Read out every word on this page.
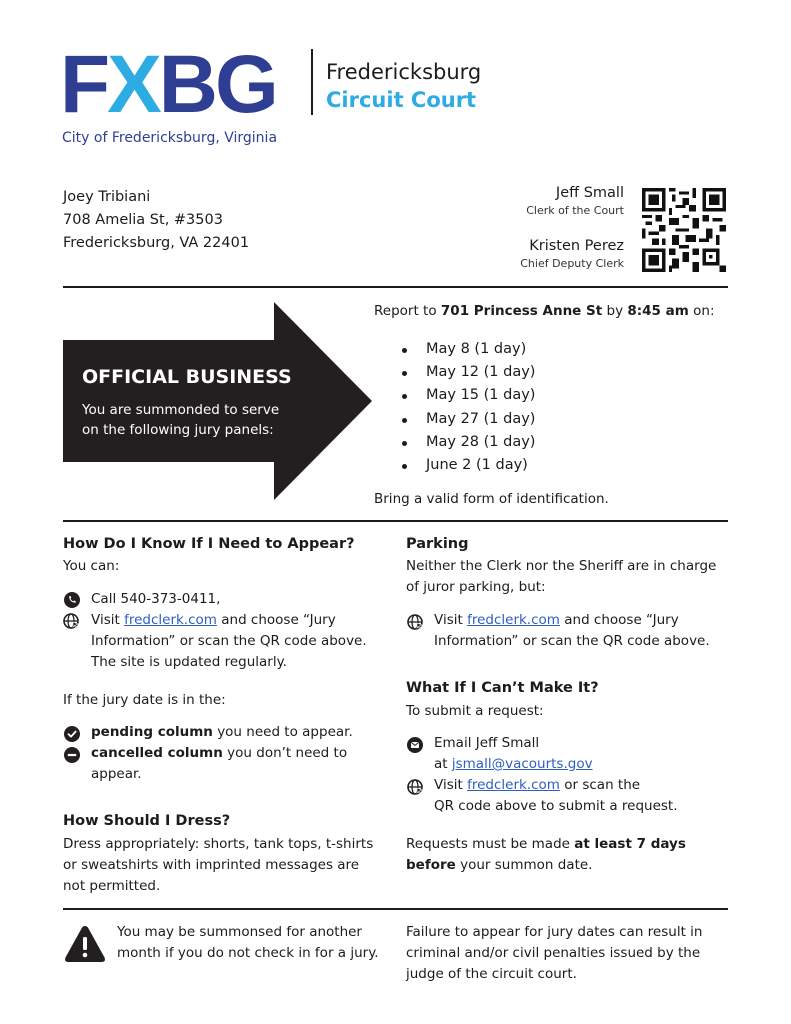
FXBG
City of Fredericksburg, Virginia
Fredericksburg
Circuit Court
Joey Tribiani
708 Amelia St, #3503
Fredericksburg, VA 22401
Jeff Small
Clerk of the Court
Kristen Perez
Chief Deputy Clerk
OFFICIAL BUSINESS
You are summonded to serve
on the following jury panels:
Report to 701 Princess Anne St by 8:45 am on:
May 8 (1 day)
May 12 (1 day)
May 15 (1 day)
May 27 (1 day)
May 28 (1 day)
June 2 (1 day)
Bring a valid form of identification.
How Do I Know If I Need to Appear?
You can:
Call 540-373-0411,
Visit fredclerk.com and choose “Jury
Information” or scan the QR code above.
The site is updated regularly.
If the jury date is in the:
pending column you need to appear.
cancelled column you don’t need to
appear.
How Should I Dress?
Dress appropriately: shorts, tank tops, t-shirts
or sweatshirts with imprinted messages are
not permitted.
Parking
Neither the Clerk nor the Sheriff are in charge
of juror parking, but:
Visit fredclerk.com and choose “Jury
Information” or scan the QR code above.
What If I Can’t Make It?
To submit a request:
Email Jeff Small
at jsmall@vacourts.gov
Visit fredclerk.com or scan the
QR code above to submit a request.
Requests must be made at least 7 days
before your summon date.
You may be summonsed for another
month if you do not check in for a jury.
Failure to appear for jury dates can result in
criminal and/or civil penalties issued by the
judge of the circuit court.
